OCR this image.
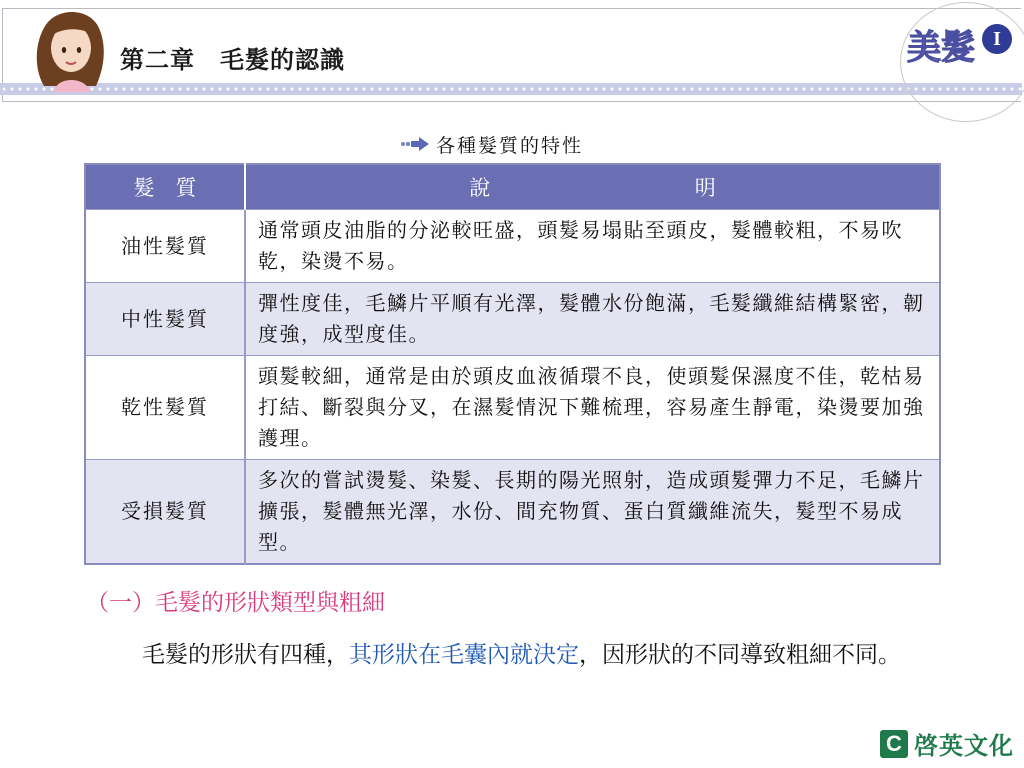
第二章　毛髮的認識	美髮 I
各種髮質的特性
髮　質	說 明

油性髮質	通常頭皮油脂的分泌較旺盛，頭髮易塌貼至頭皮，髮體較粗，不易吹乾，染燙不易。
中性髮質	彈性度佳，毛鱗片平順有光澤，髮體水份飽滿，毛髮纖維結構緊密，韌度強，成型度佳。
乾性髮質	頭髮較細，通常是由於頭皮血液循環不良，使頭髮保濕度不佳，乾枯易打結、斷裂與分叉，在濕髮情況下難梳理，容易產生靜電，染燙要加強護理。
受損髮質	多次的嘗試燙髮、染髮、長期的陽光照射，造成頭髮彈力不足，毛鱗片擴張，髮體無光澤，水份、間充物質、蛋白質纖維流失，髮型不易成型。
（一）毛髮的形狀類型與粗細
毛髮的形狀有四種，其形狀在毛囊內就決定，因形狀的不同導致粗細不同。
C 啓英文化
